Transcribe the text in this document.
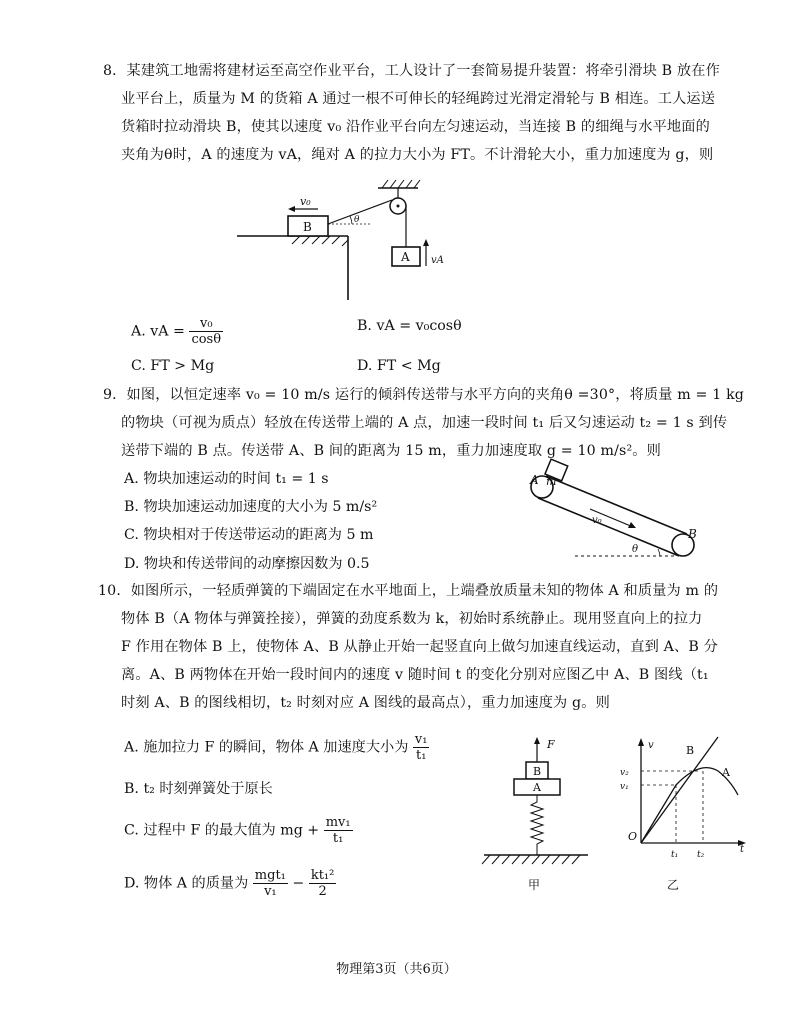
8．某建筑工地需将建材运至高空作业平台，工人设计了一套简易提升装置：将牵引滑块 B 放在作
业平台上，质量为 M 的货箱 A 通过一根不可伸长的轻绳跨过光滑定滑轮与 B 相连。工人运送
货箱时拉动滑块 B，使其以速度 v₀ 沿作业平台向左匀速运动，当连接 B 的细绳与水平地面的
夹角为θ时，A 的速度为 vA，绳对 A 的拉力大小为 FT。不计滑轮大小，重力加速度为 g，则
B
v₀
θ
A vA
A. vA = $\frac{\text{v₀}}{\cos\theta}$	B. vA = v₀cosθ
C. FT > Mg	D. FT < Mg
9．如图，以恒定速率 v₀ = 10 m/s 运行的倾斜传送带与水平方向的夹角θ =30°，将质量 m = 1 kg
的物块（可视为质点）轻放在传送带上端的 A 点，加速一段时间 t₁ 后又匀速运动 t₂ = 1 s 到传
送带下端的 B 点。传送带 A、B 间的距离为 15 m，重力加速度取 g = 10 m/s²。则
A. 物块加速运动的时间 t₁ = 1 s
B. 物块加速运动加速度的大小为 5 m/s²
C. 物块相对于传送带运动的距离为 5 m
D. 物块和传送带间的动摩擦因数为 0.5
m
A
B
v₀
θ
10．如图所示，一轻质弹簧的下端固定在水平地面上，上端叠放质量未知的物体 A 和质量为 m 的
物体 B（A 物体与弹簧拴接），弹簧的劲度系数为 k，初始时系统静止。现用竖直向上的拉力
F 作用在物体 B 上，使物体 A、B 从静止开始一起竖直向上做匀加速直线运动，直到 A、B 分
离。A、B 两物体在开始一段时间内的速度 v 随时间 t 的变化分别对应图乙中 A、B 图线（t₁
时刻 A、B 的图线相切，t₂ 时刻对应 A 图线的最高点），重力加速度为 g。则
A. 施加拉力 F 的瞬间，物体 A 加速度大小为 $\frac{\text{v₁}}{\text{t₁}}$
B. t₂ 时刻弹簧处于原长
C. 过程中 F 的最大值为 mg + $\frac{\text{mv₁}}{\text{t₁}}$
D. 物体 A 的质量为 $\frac{\text{mgt₁}}{\text{v₁}} - \frac{\text{kt₁²}}{2}$
F
B
A
甲
v
t
O
B
A
v₂
v₁
t₁ t₂
乙
物理第3页（共6页）
